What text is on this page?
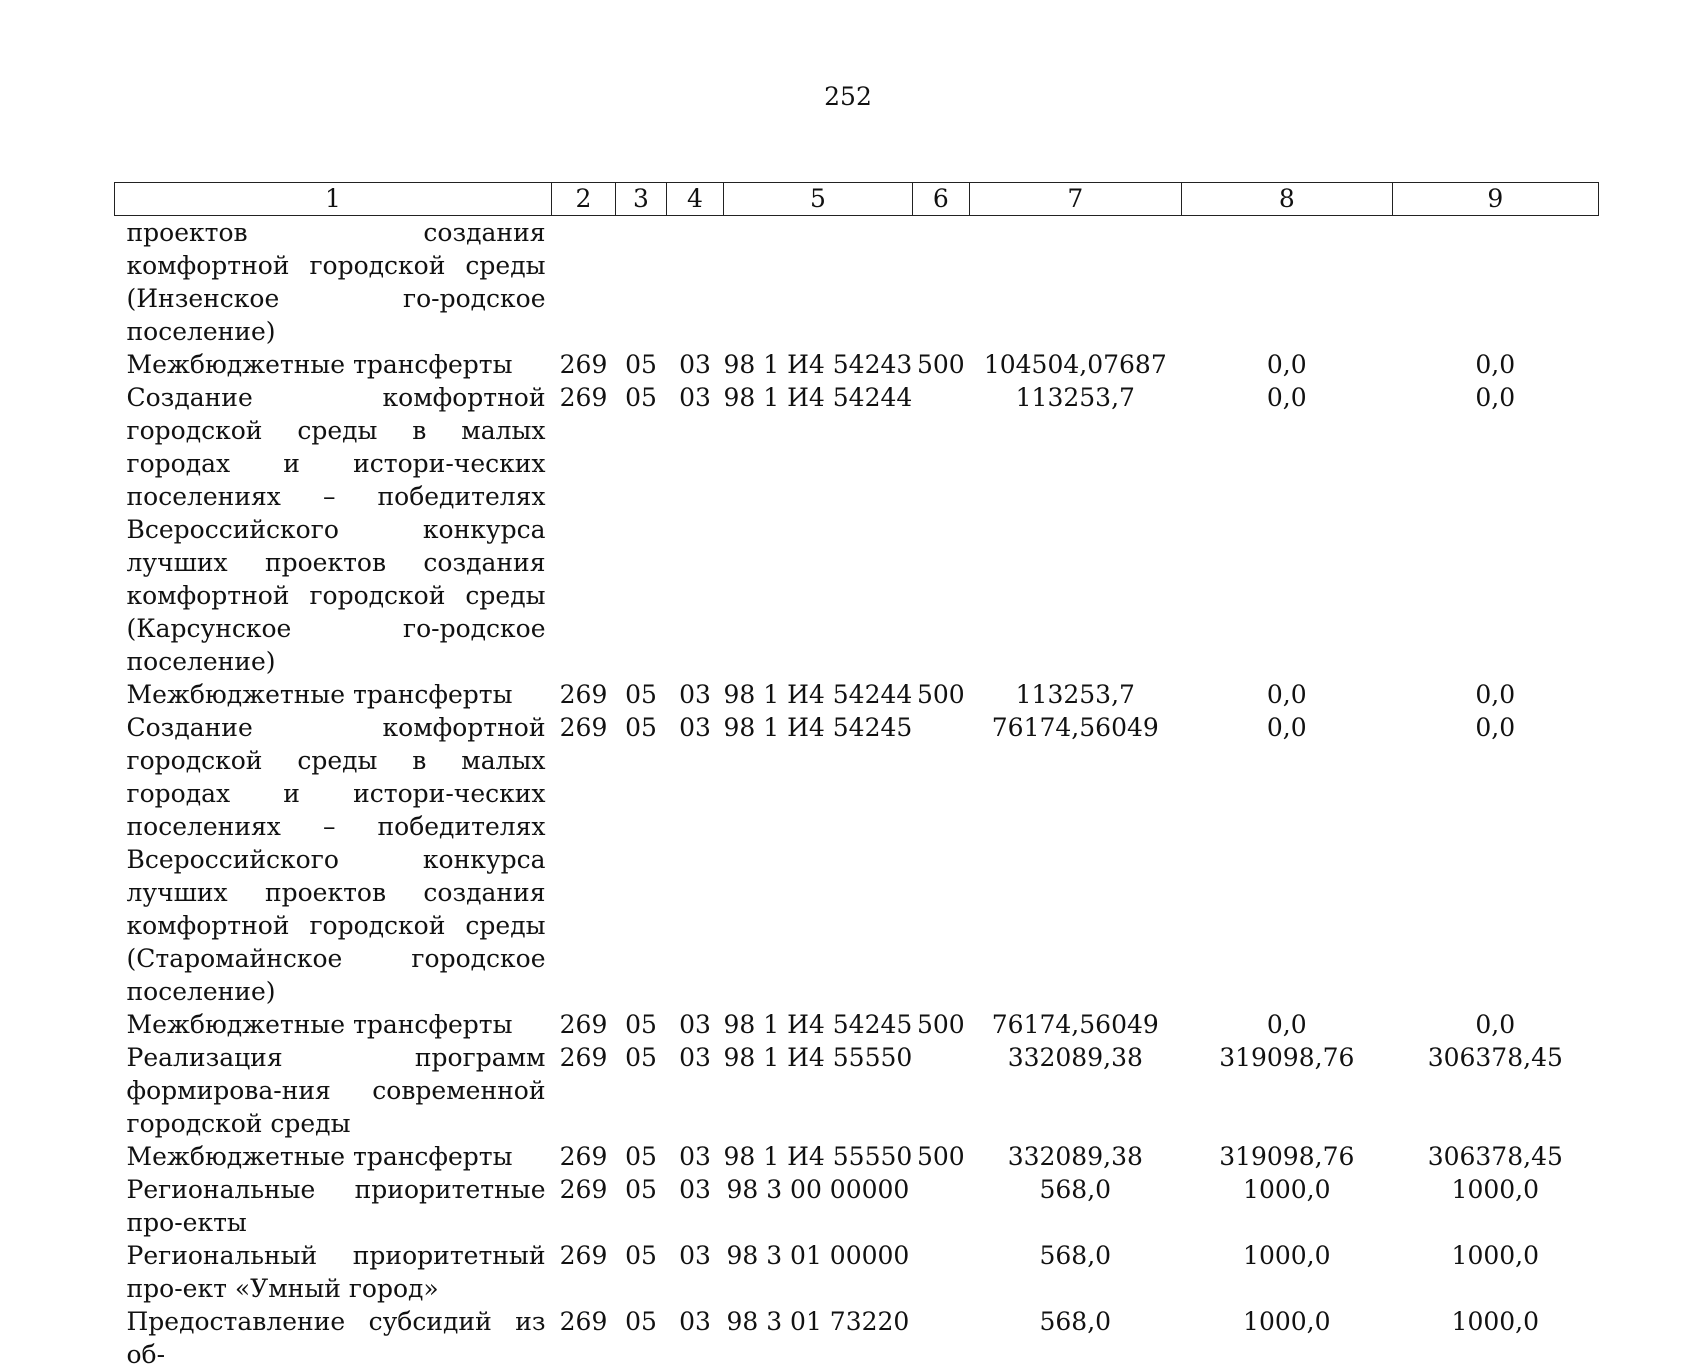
252
1	2	3	4	5	6	7	8	9
проектов создания комфортной городской среды (Инзенское го-родское поселение)								
Межбюджетные трансферты	269	05	03	98 1 И4 54243	500	104504,07687	0,0	0,0
Создание комфортной городской среды в малых городах и истори-ческих поселениях – победителях Всероссийского конкурса лучших проектов создания комфортной городской среды (Карсунское го-родское поселение)	269	05	03	98 1 И4 54244		113253,7	0,0	0,0
Межбюджетные трансферты	269	05	03	98 1 И4 54244	500	113253,7	0,0	0,0
Создание комфортной городской среды в малых городах и истори-ческих поселениях – победителях Всероссийского конкурса лучших проектов создания комфортной городской среды (Старомайнское городское поселение)	269	05	03	98 1 И4 54245		76174,56049	0,0	0,0
Межбюджетные трансферты	269	05	03	98 1 И4 54245	500	76174,56049	0,0	0,0
Реализация программ формирова-ния современной городской среды	269	05	03	98 1 И4 55550		332089,38	319098,76	306378,45
Межбюджетные трансферты	269	05	03	98 1 И4 55550	500	332089,38	319098,76	306378,45
Региональные приоритетные про-екты	269	05	03	98 3 00 00000		568,0	1000,0	1000,0
Региональный приоритетный про-ект «Умный город»	269	05	03	98 3 01 00000		568,0	1000,0	1000,0
Предоставление субсидий из об-	269	05	03	98 3 01 73220		568,0	1000,0	1000,0
